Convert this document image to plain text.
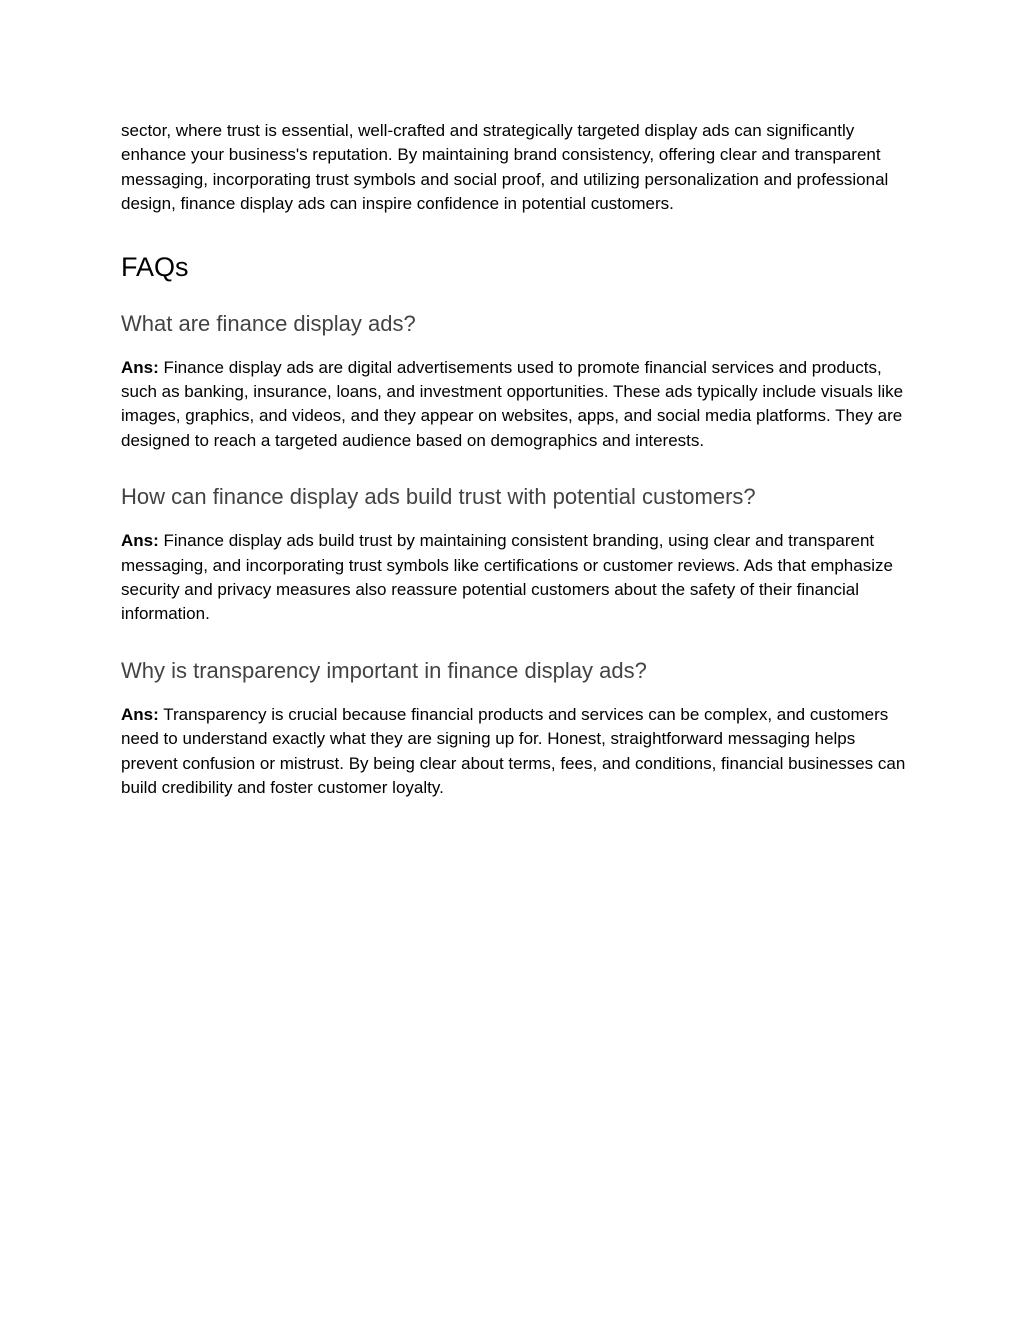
sector, where trust is essential, well-crafted and strategically targeted display ads can significantly enhance your business's reputation. By maintaining brand consistency, offering clear and transparent messaging, incorporating trust symbols and social proof, and utilizing personalization and professional design, finance display ads can inspire confidence in potential customers.

FAQs
What are finance display ads?

Ans: Finance display ads are digital advertisements used to promote financial services and products, such as banking, insurance, loans, and investment opportunities. These ads typically include visuals like images, graphics, and videos, and they appear on websites, apps, and social media platforms. They are designed to reach a targeted audience based on demographics and interests.

How can finance display ads build trust with potential customers?

Ans: Finance display ads build trust by maintaining consistent branding, using clear and transparent messaging, and incorporating trust symbols like certifications or customer reviews. Ads that emphasize security and privacy measures also reassure potential customers about the safety of their financial information.

Why is transparency important in finance display ads?

Ans: Transparency is crucial because financial products and services can be complex, and customers need to understand exactly what they are signing up for. Honest, straightforward messaging helps prevent confusion or mistrust. By being clear about terms, fees, and conditions, financial businesses can build credibility and foster customer loyalty.
